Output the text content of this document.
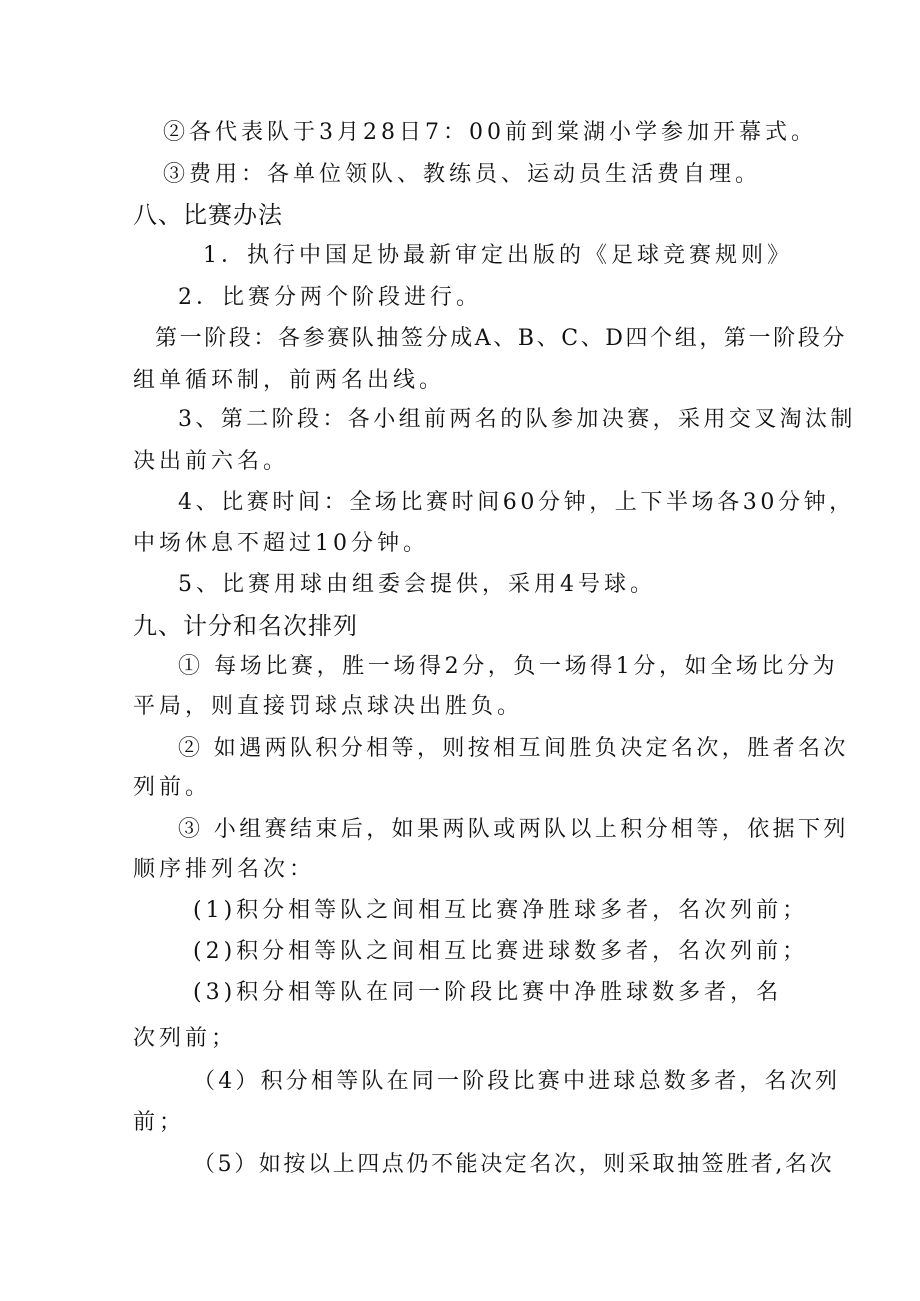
②各代表队于3月28日7：00前到棠湖小学参加开幕式。
③费用：各单位领队、教练员、运动员生活费自理。
八、比赛办法
1．执行中国足协最新审定出版的《足球竞赛规则》
2．比赛分两个阶段进行。
第一阶段：各参赛队抽签分成A、B、C、D四个组，第一阶段分
组单循环制，前两名出线。
3、第二阶段：各小组前两名的队参加决赛，采用交叉淘汰制
决出前六名。
4、比赛时间：全场比赛时间60分钟，上下半场各30分钟，
中场休息不超过10分钟。
5、比赛用球由组委会提供，采用4号球。
九、计分和名次排列
① 每场比赛，胜一场得2分，负一场得1分，如全场比分为
平局，则直接罚球点球决出胜负。
② 如遇两队积分相等，则按相互间胜负决定名次，胜者名次
列前。
③ 小组赛结束后，如果两队或两队以上积分相等，依据下列
顺序排列名次：
(1)积分相等队之间相互比赛净胜球多者，名次列前；
(2)积分相等队之间相互比赛进球数多者，名次列前；
(3)积分相等队在同一阶段比赛中净胜球数多者，名
次列前；
（4）积分相等队在同一阶段比赛中进球总数多者，名次列
前；
（5）如按以上四点仍不能决定名次，则采取抽签胜者,名次
